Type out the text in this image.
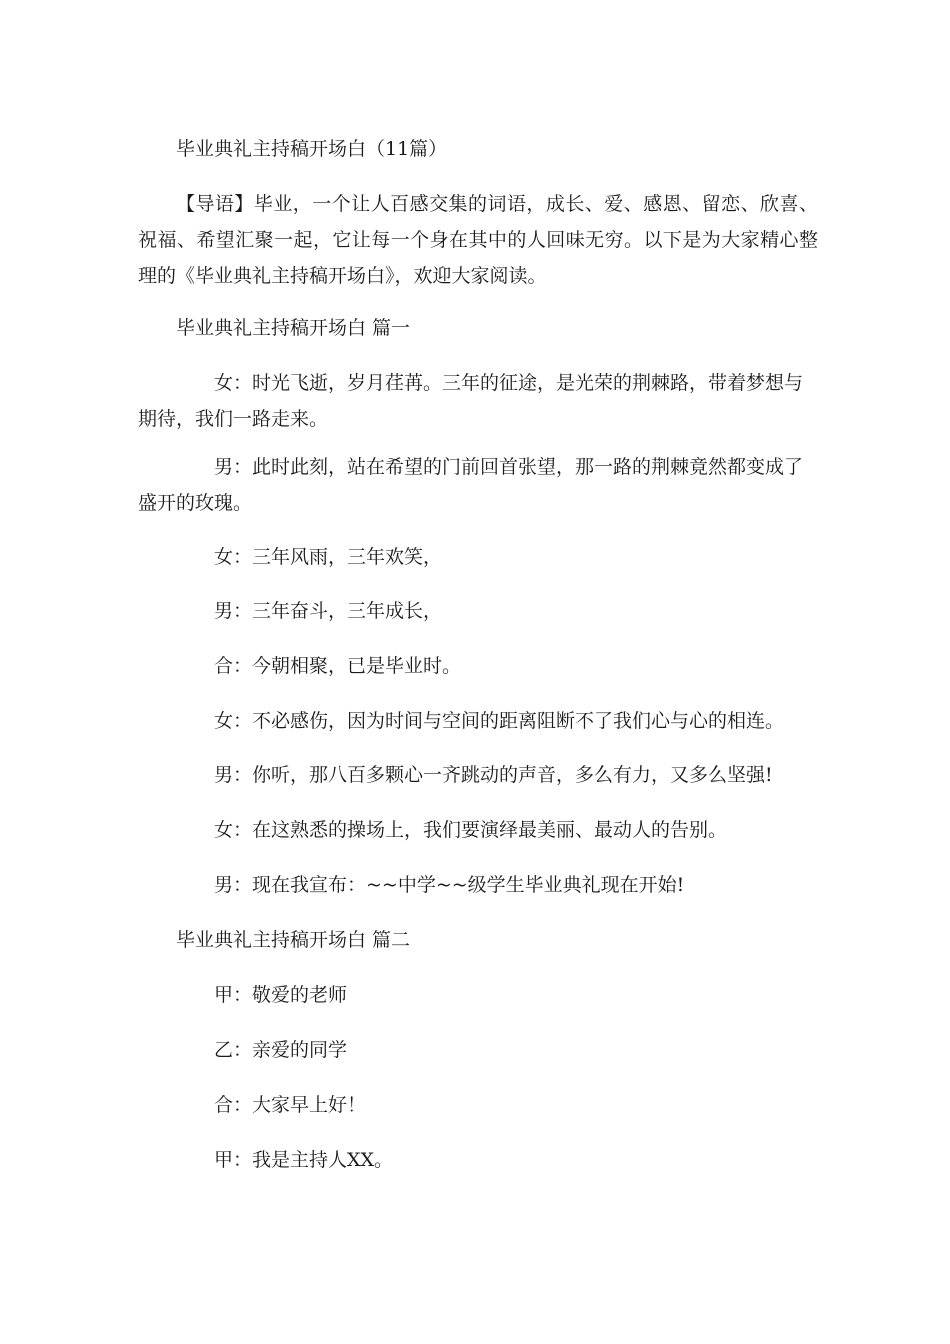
毕业典礼主持稿开场白（11篇）
【导语】毕业，一个让人百感交集的词语，成长、爱、感恩、留恋、欣喜、祝福、希望汇聚一起，它让每一个身在其中的人回味无穷。以下是为大家精心整理的《毕业典礼主持稿开场白》，欢迎大家阅读。
毕业典礼主持稿开场白 篇一
女：时光飞逝，岁月荏苒。三年的征途，是光荣的荆棘路，带着梦想与期待，我们一路走来。
男：此时此刻，站在希望的门前回首张望，那一路的荆棘竟然都变成了盛开的玫瑰。
女：三年风雨，三年欢笑，
男：三年奋斗，三年成长，
合：今朝相聚，已是毕业时。
女：不必感伤，因为时间与空间的距离阻断不了我们心与心的相连。
男：你听，那八百多颗心一齐跳动的声音，多么有力，又多么坚强!
女：在这熟悉的操场上，我们要演绎最美丽、最动人的告别。
男：现在我宣布：~~中学~~级学生毕业典礼现在开始!
毕业典礼主持稿开场白 篇二
甲：敬爱的老师
乙：亲爱的同学
合：大家早上好！
甲：我是主持人XX。
